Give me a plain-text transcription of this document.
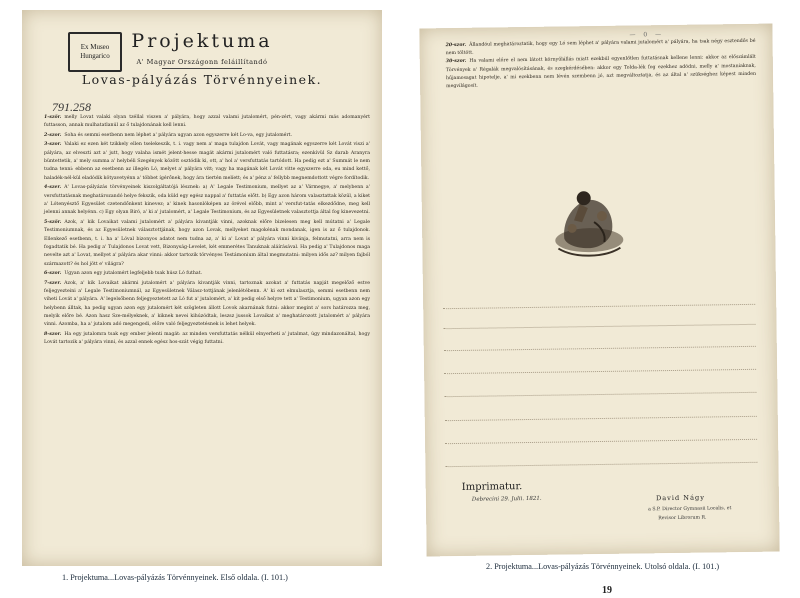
Ex Museo
Hungarico
791.258
Projektuma
A' Magyar Országonn feláillítandó
Lovas-pályázás Törvénnyeinek.

1-ször. melly Lovat valaki olyan tzéllal viszen a' pályára, hogy azzal valami jutalomért, pén-zért, vagy akármi más adomanyért futtasson, annak mulhatatlanúl az ő tulajdonának kell lenni.

2-szor. Soha és semmi esetbenn nem léphet a' pályára ugyan azon egyszerre két Lo-va, egy jutalomért.

3-szor. Valaki ez ezen két tzikkely ellen tselekeszik, t. i. vagy nem a' maga tulajdon Lovát, vagy magának egyszerre két Lovát viszi a' pályára, az elveszti azt a' jutt, hogy valaha ismét jelent-hesse magát akármi jutalomért való futtatásra; ezenkívül Sz darab Aranyra büntettetik, a' mely summa a' helybéli Szegények között osztódik ki, ott, a' hol a' versfuttatás tartódott. Ha pedig ezt a' Summát le nem tudna tenni: ebbenn az esetbenn az illegén Ló, melyet a' pályára vitt; vagy ha magának két Lovát vitte egyszerre oda, eu mind kettő, haladék-nél-kül eladódik kötyavetyénn a' többet ígérőnek, hogy ára tiertén melíett; és a' pénz a' fellybb megnemdottott végre fordítodik.

4-szer. A' Lovas-pályázás törvényeinek kiszolgáltatójá lésznek: a) A' Legale Testimonium, mellyet az a' Vármegye, a' melybenn a' versfuttatásnak meghatározandó helye fekszik, oda küld egy egész nappal a' futtatás előtt. b) Egy azon három valasztattak közül, a kiket a' Lótenyésztő Egyesület czetendőnkent kinevez; a' kinek hasonlóképen az örével előbb, mint a' versfut-tatás elkezdődne, meg kell jelenni annak helyénn. c) Egy olyan Biró, a' ki a' jutalomért, a' Legale Testimonium, és az Egyesületnek valasztottja által fog kinevezetni.

5-ször. Azok, a' kik Lovaikat valami jutalomért a' pályára kivantják vinni, azoknak előre bizelesen meg kell mútatni a' Legale Testimoniumnak, és az Egyesületnek választottjának, hogy azon Lovak, mellyeket magokénak mondanak, igen is az ő tulajdonok. Ellenkező esetbenn, t. i. ha a' Lóval bizonyos adatot nem tudna az, a' ki a' Lovat a' pályára vinni kivánja, felmutatni, arra nem is fogadtatik bé. Ha pedig a' Tulajdonos Lovat vett, Bizonyság-Levelet, két emmerétes Tanuknak aláírásával. Ha pedig a' Tulajdonos maga nevelte azt a' Lovat, mellyet a' pályára akar vinni: akkor tartozik törvényes Testámonium által megmutatni: milyen idős az? milyen fajból származott? és hol jött e' világra?

6-szor. Ugyan azon egy jutalomért legfeljebb tsak húsz Ló futhat.

7-szer. Azok, a' kik Lovaikat akármi jutalomért a' pályára kivantják vinni, tartoznak azokat a' futtatás napját megelőző estve feljegyezteini a' Legale Testimoniumnál, az Egyesületnek Válasz-tottjának jelenlétébenn. A' ki ezt elmulasztja, semmi esetbenn nem viheti Lovát a' pályára. A' legelsőbenn feljegyeztetett az Ló fut a' jutalomért, a' kit pedig első helyre tett a' Testimonium, ugyan azon egy helybenn álltak, ha pedig ugyan azon egy jutalomért két szögleten állott Lovok akarnának futni: akkor megint a' sors határozza meg, melyik előre bé. Azon hasz Sze-mélyeknek, a' kiknek nevei kihúzódtak, leszsz jussok Lovaikat a' meghatározott jutalomért a' pályára vinni. Azomba, ha a' jutalom adó megengedi, előre való feljegyeztetésnek is lehet helyek.

8-szor. Ha egy jutalomra tsak egy ember jelenti magát: az minden versfuttatás nélkül elnyerheti a' jutalmat, úgy mindazonáltal, hogy Lovát tartozik a' pályára vinni, és azzal ennek egész hos-szát végig futtatni.

— 0 —

20-szor. Állandóul meghatároztatik, hogy egy Ló sem léphet a' pályára valami jutalomért a' pályára, ha tsak négy esztendős bé nem töltött.

30-szor. Ha valami előre el nem látott környűlállás miatt ezekbúl egyenlőtlen futtatásnak kellene lenni: akkor az előszámlált Törvények a' Régalák megvalósításának, és szegkérdésében: akkor egy Tolda-lék fog ezekhez adódni, melly a' mostaniaknak, hűjamosagat hipotelje, a' mi ezekbenn nem lévén szembenn jó, azt megváltoztatja, és az által a' szükséghez képest minden megvilágosít.

Imprimatur.
Debrecini 29. Julii. 1821.	David Nágy
a S.P. Director Gymnasii Localis, et
Revisor Librorum R.
1. Projektuma...Lovas-pályázás Törvénnyeinek. Első oldala. (I. 101.)
2. Projektuma...Lovas-pályázás Törvénnyeinek. Utolsó oldala. (I. 101.)
19
